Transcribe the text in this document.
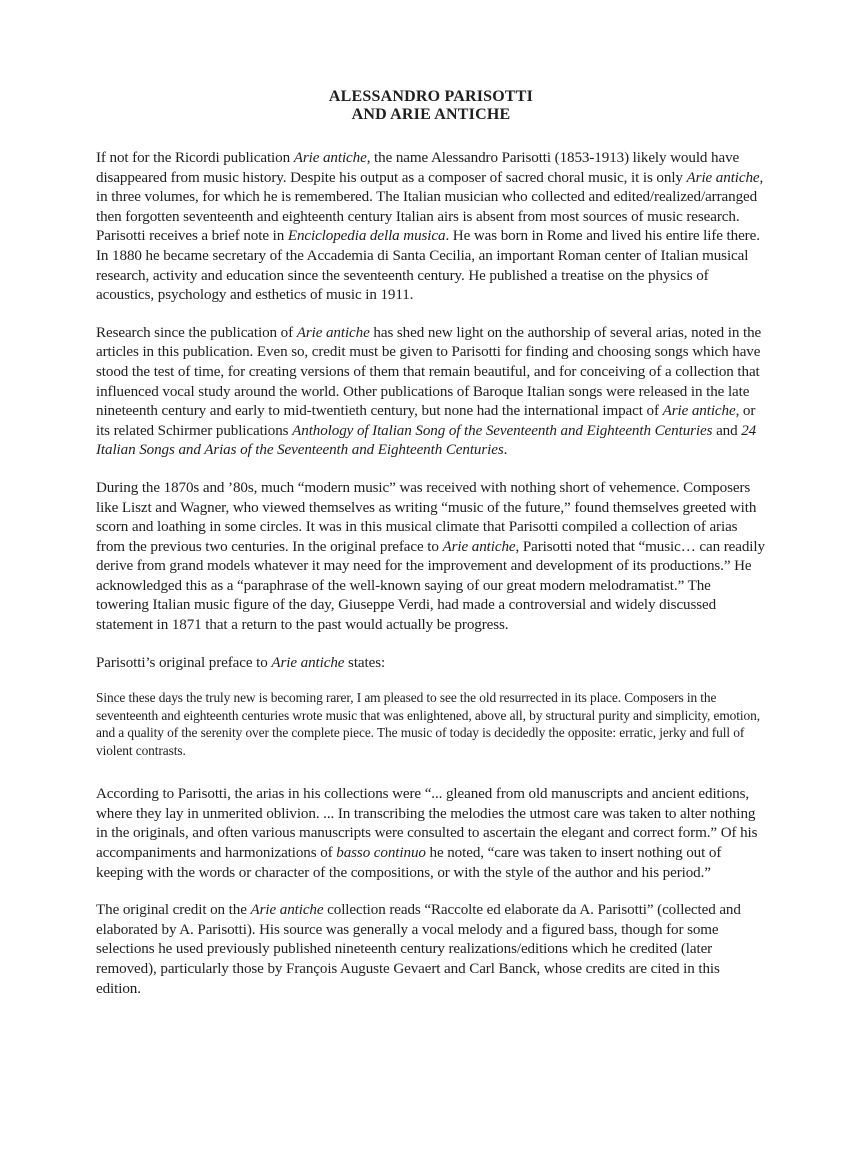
ALESSANDRO PARISOTTI
AND ARIE ANTICHE

If not for the Ricordi publication Arie antiche, the name Alessandro Parisotti (1853-1913) likely would have disappeared from music history. Despite his output as a composer of sacred choral music, it is only Arie antiche, in three volumes, for which he is remembered. The Italian musician who collected and edited/realized/arranged then forgotten seventeenth and eighteenth century Italian airs is absent from most sources of music research. Parisotti receives a brief note in Enciclopedia della musica. He was born in Rome and lived his entire life there. In 1880 he became secretary of the Accademia di Santa Cecilia, an important Roman center of Italian musical research, activity and education since the seventeenth century. He published a treatise on the physics of acoustics, psychology and esthetics of music in 1911.

Research since the publication of Arie antiche has shed new light on the authorship of several arias, noted in the articles in this publication. Even so, credit must be given to Parisotti for finding and choosing songs which have stood the test of time, for creating versions of them that remain beautiful, and for conceiving of a collection that influenced vocal study around the world. Other publications of Baroque Italian songs were released in the late nineteenth century and early to mid-twentieth century, but none had the international impact of Arie antiche, or its related Schirmer publications Anthology of Italian Song of the Seventeenth and Eighteenth Centuries and 24 Italian Songs and Arias of the Seventeenth and Eighteenth Centuries.

During the 1870s and ’80s, much “modern music” was received with nothing short of vehemence. Composers like Liszt and Wagner, who viewed themselves as writing “music of the future,” found themselves greeted with scorn and loathing in some circles. It was in this musical climate that Parisotti compiled a collection of arias from the previous two centuries. In the original preface to Arie antiche, Parisotti noted that “music… can readily derive from grand models whatever it may need for the improvement and development of its productions.” He acknowledged this as a “paraphrase of the well-known saying of our great modern melodramatist.” The towering Italian music figure of the day, Giuseppe Verdi, had made a controversial and widely discussed statement in 1871 that a return to the past would actually be progress.

Parisotti’s original preface to Arie antiche states:

Since these days the truly new is becoming rarer, I am pleased to see the old resurrected in its place. Composers in the seventeenth and eighteenth centuries wrote music that was enlightened, above all, by structural purity and simplicity, emotion, and a quality of the serenity over the complete piece. The music of today is decidedly the opposite: erratic, jerky and full of violent contrasts.

According to Parisotti, the arias in his collections were “... gleaned from old manuscripts and ancient editions, where they lay in unmerited oblivion. ... In transcribing the melodies the utmost care was taken to alter nothing in the originals, and often various manuscripts were consulted to ascertain the elegant and correct form.” Of his accompaniments and harmonizations of basso continuo he noted, “care was taken to insert nothing out of keeping with the words or character of the compositions, or with the style of the author and his period.”

The original credit on the Arie antiche collection reads “Raccolte ed elaborate da A. Parisotti” (collected and elaborated by A. Parisotti). His source was generally a vocal melody and a figured bass, though for some selections he used previously published nineteenth century realizations/editions which he credited (later removed), particularly those by François Auguste Gevaert and Carl Banck, whose credits are cited in this edition.
